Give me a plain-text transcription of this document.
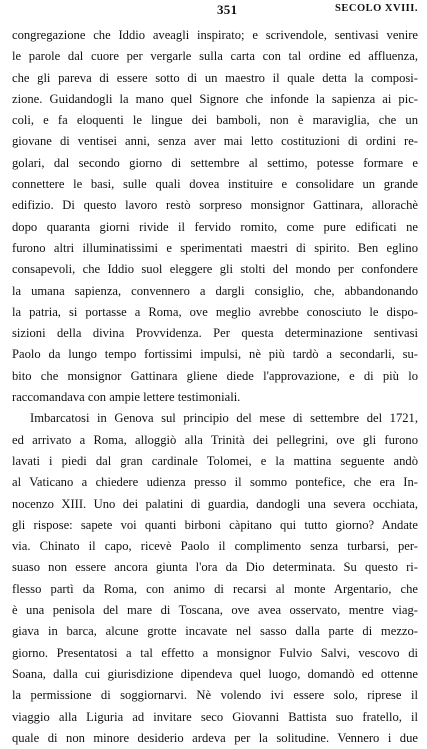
351	SECOLO XVIII.
congregazione che Iddio aveagli inspirato; e scrivendole, sentivasi venire
le parole dal cuore per vergarle sulla carta con tal ordine ed affluenza,
che gli pareva di essere sotto di un maestro il quale detta la composi-
zione. Guidandogli la mano quel Signore che infonde la sapienza ai pic-
coli, e fa eloquenti le lingue dei bamboli, non è maraviglia, che un
giovane di ventisei anni, senza aver mai letto costituzioni di ordini re-
golari, dal secondo giorno di settembre al settimo, potesse formare e
connettere le basi, sulle quali dovea instituire e consolidare un grande
edifizio. Di questo lavoro restò sorpreso monsignor Gattinara, allorachè
dopo quaranta giorni rivide il fervido romito, come pure edificati ne
furono altri illuminatissimi e sperimentati maestri di spirito. Ben eglino
consapevoli, che Iddio suol eleggere gli stolti del mondo per confondere
la umana sapienza, convennero a dargli consiglio, che, abbandonando
la patria, si portasse a Roma, ove meglio avrebbe conosciuto le dispo-
sizioni della divina Provvidenza. Per questa determinazione sentivasi
Paolo da lungo tempo fortissimi impulsi, nè più tardò a secondarli, su-
bito che monsignor Gattinara gliene diede l'approvazione, e di più lo
raccomandava con ampie lettere testimoniali.
Imbarcatosi in Genova sul principio del mese di settembre del 1721,
ed arrivato a Roma, alloggiò alla Trinità dei pellegrini, ove gli furono
lavati i piedi dal gran cardinale Tolomei, e la mattina seguente andò
al Vaticano a chiedere udienza presso il sommo pontefice, che era In-
nocenzo XIII. Uno dei palatini di guardia, dandogli una severa occhiata,
gli rispose: sapete voi quanti birboni càpitano qui tutto giorno? Andate
via. Chinato il capo, ricevè Paolo il complimento senza turbarsi, per-
suaso non essere ancora giunta l'ora da Dio determinata. Su questo ri-
flesso partì da Roma, con animo di recarsi al monte Argentario, che
è una penisola del mare di Toscana, ove avea osservato, mentre viag-
giava in barca, alcune grotte incavate nel sasso dalla parte di mezzo-
giorno. Presentatosi a tal effetto a monsignor Fulvio Salvi, vescovo di
Soana, dalla cui giurisdizione dipendeva quel luogo, domandò ed ottenne
la permissione di soggiornarvi. Nè volendo ivi essere solo, riprese il
viaggio alla Liguria ad invitare seco Giovanni Battista suo fratello, il
quale di non minore desiderio ardeva per la solitudine. Vennero i due
